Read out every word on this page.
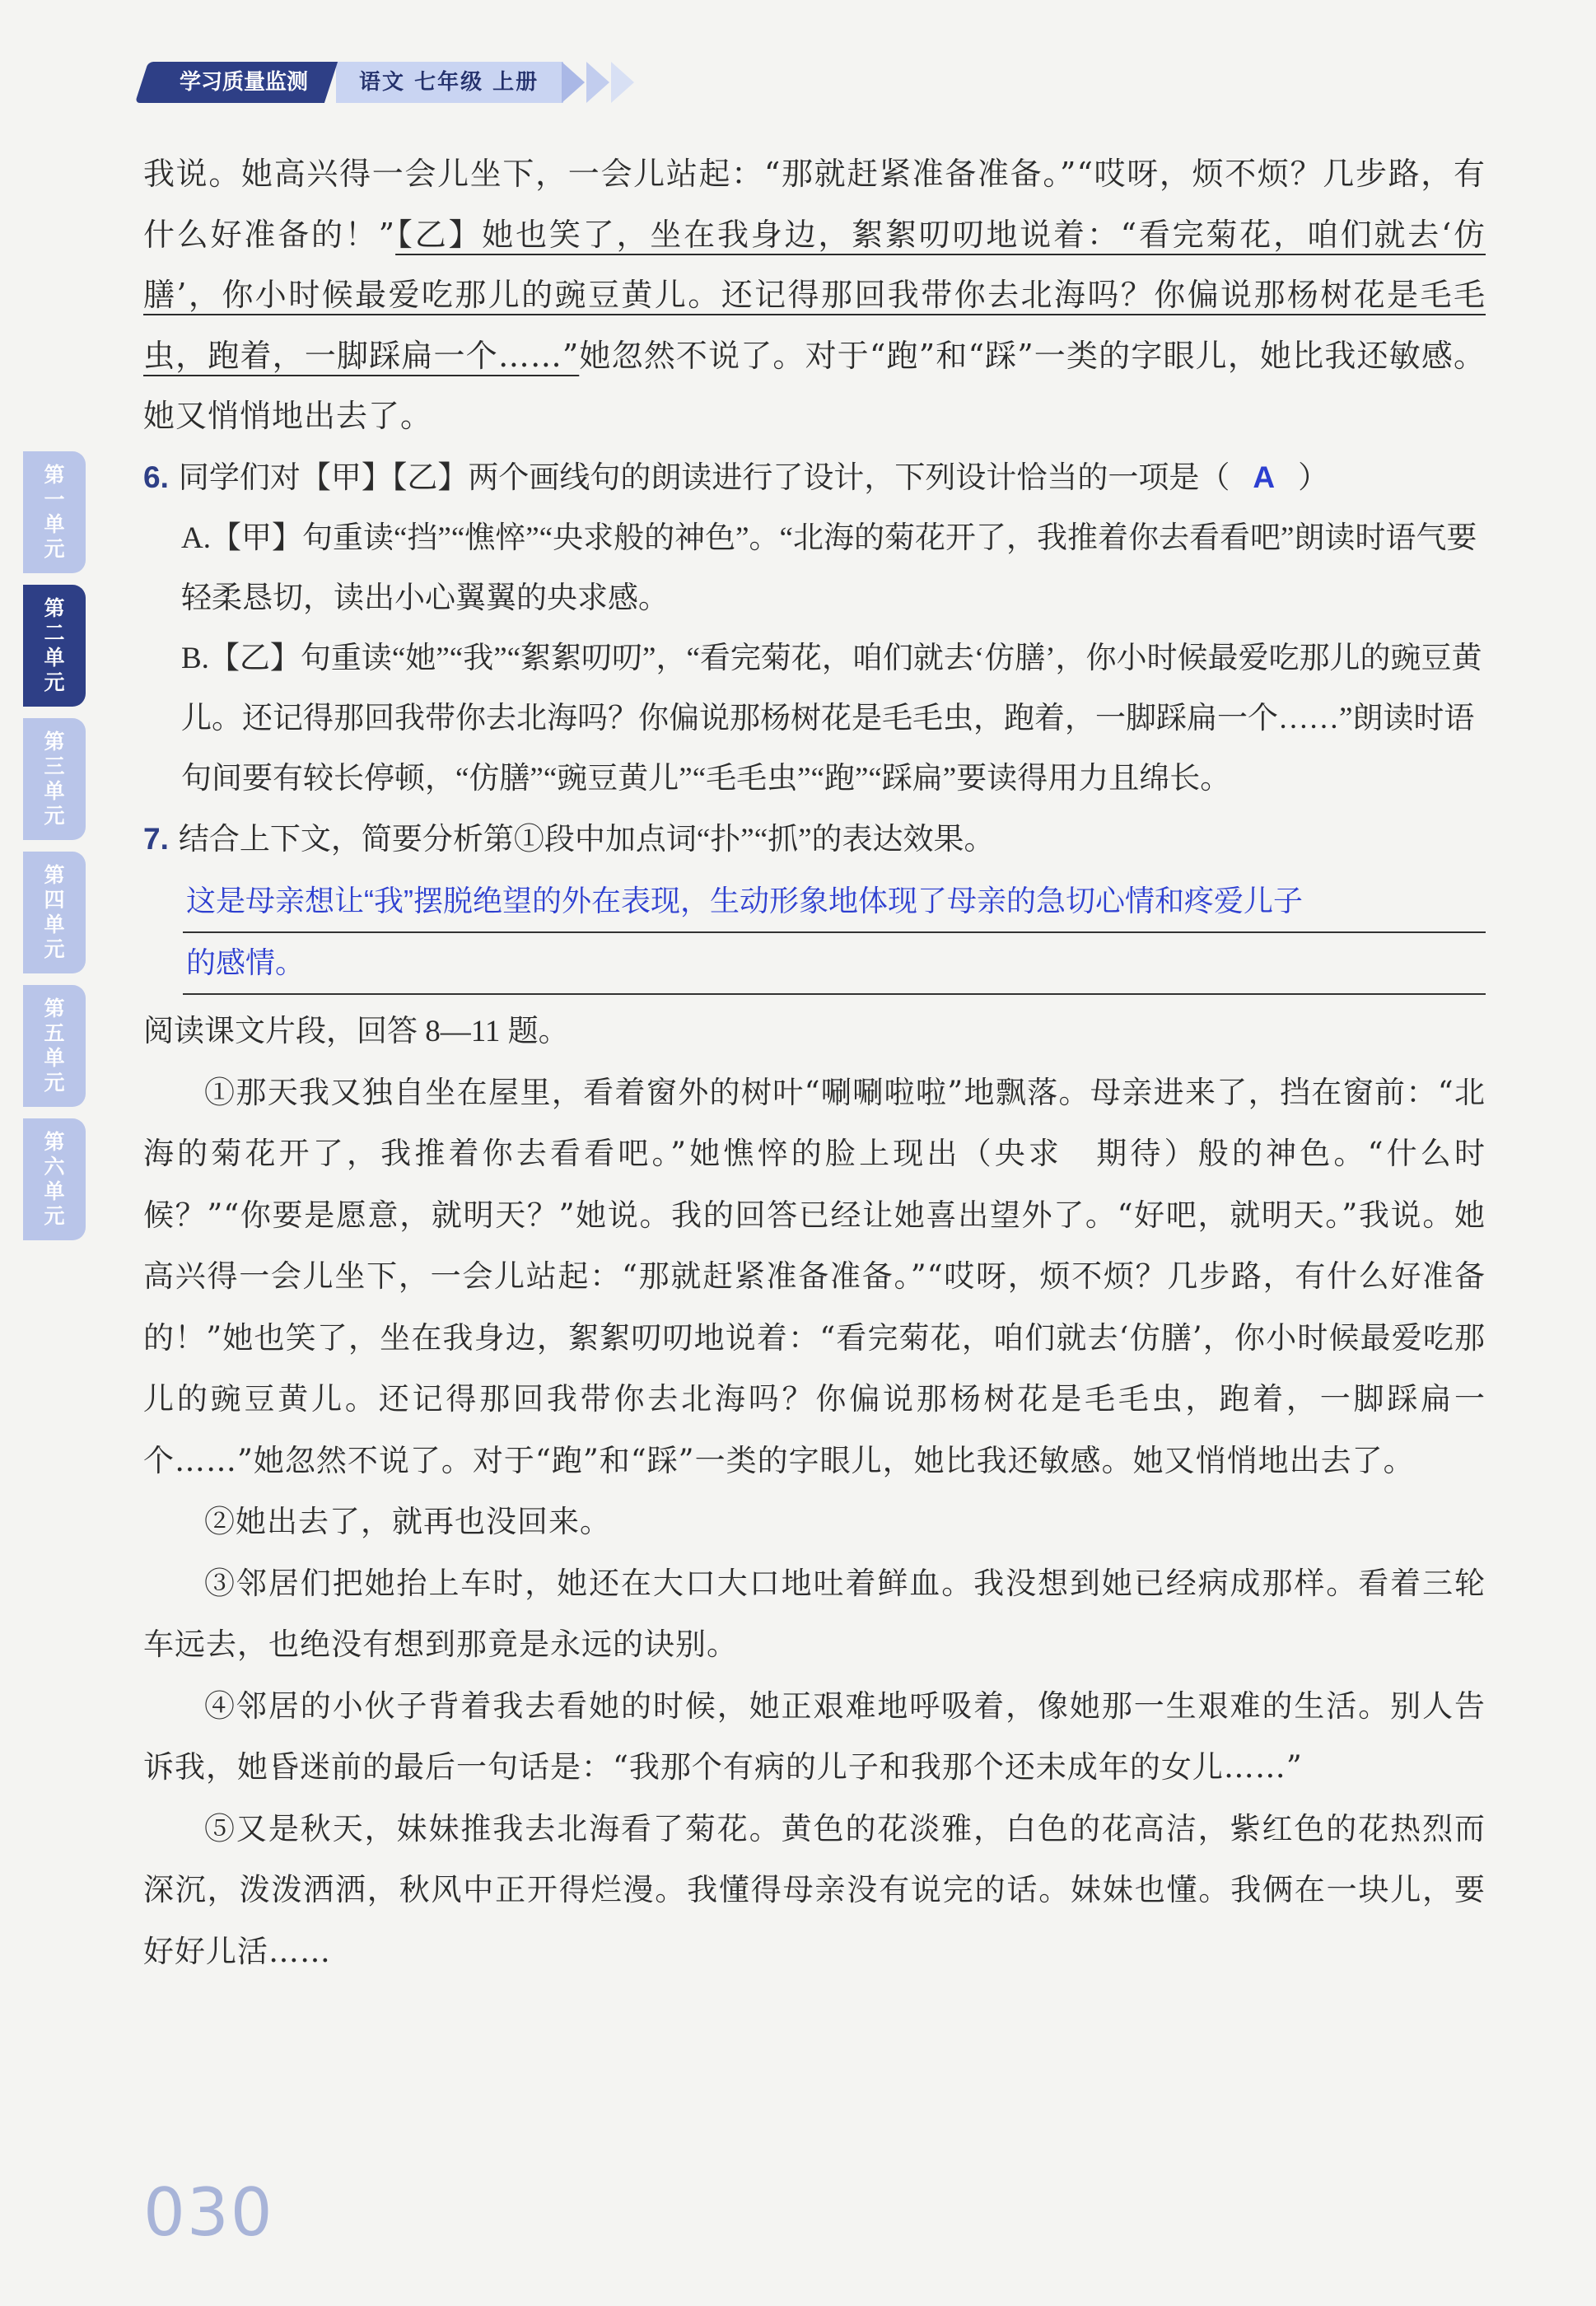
学习质量监测	语文 七年级 上册
第
一
单
元
第
二
单
元
第
三
单
元
第
四
单
元
第
五
单
元
第
六
单
元

我说。她高兴得一会儿坐下，一会儿站起：“那就赶紧准备准备。”“哎呀，烦不烦？几步路，有什么好准备的！”【乙】她也笑了，坐在我身边，絮絮叨叨地说着：“看完菊花，咱们就去‘仿膳’，你小时候最爱吃那儿的豌豆黄儿。还记得那回我带你去北海吗？你偏说那杨树花是毛毛虫，跑着，一脚踩扁一个……”她忽然不说了。对于“跑”和“踩”一类的字眼儿，她比我还敏感。她又悄悄地出去了。

6. 同学们对【甲】【乙】两个画线句的朗读进行了设计，下列设计恰当的一项是（ A ）

A.【甲】句重读“挡”“憔悴”“央求般的神色”。“北海的菊花开了，我推着你去看看吧”朗读时语气要轻柔恳切，读出小心翼翼的央求感。

B.【乙】句重读“她”“我”“絮絮叨叨”，“看完菊花，咱们就去‘仿膳’，你小时候最爱吃那儿的豌豆黄儿。还记得那回我带你去北海吗？你偏说那杨树花是毛毛虫，跑着，一脚踩扁一个……”朗读时语句间要有较长停顿，“仿膳”“豌豆黄儿”“毛毛虫”“跑”“踩扁”要读得用力且绵长。

7. 结合上下文，简要分析第①段中加点词“扑”“抓”的表达效果。

这是母亲想让“我”摆脱绝望的外在表现，生动形象地体现了母亲的急切心情和疼爱儿子
的感情。

阅读课文片段，回答 8—11 题。

①那天我又独自坐在屋里，看着窗外的树叶“唰唰啦啦”地飘落。母亲进来了，挡在窗前：“北海的菊花开了，我推着你去看看吧。”她憔悴的脸上现出（央求　期待）般的神色。“什么时候？”“你要是愿意，就明天？”她说。我的回答已经让她喜出望外了。“好吧，就明天。”我说。她高兴得一会儿坐下，一会儿站起：“那就赶紧准备准备。”“哎呀，烦不烦？几步路，有什么好准备的！”她也笑了，坐在我身边，絮絮叨叨地说着：“看完菊花，咱们就去‘仿膳’，你小时候最爱吃那儿的豌豆黄儿。还记得那回我带你去北海吗？你偏说那杨树花是毛毛虫，跑着，一脚踩扁一个……”她忽然不说了。对于“跑”和“踩”一类的字眼儿，她比我还敏感。她又悄悄地出去了。

②她出去了，就再也没回来。

③邻居们把她抬上车时，她还在大口大口地吐着鲜血。我没想到她已经病成那样。看着三轮车远去，也绝没有想到那竟是永远的诀别。

④邻居的小伙子背着我去看她的时候，她正艰难地呼吸着，像她那一生艰难的生活。别人告诉我，她昏迷前的最后一句话是：“我那个有病的儿子和我那个还未成年的女儿……”

⑤又是秋天，妹妹推我去北海看了菊花。黄色的花淡雅，白色的花高洁，紫红色的花热烈而深沉，泼泼洒洒，秋风中正开得烂漫。我懂得母亲没有说完的话。妹妹也懂。我俩在一块儿，要好好儿活……

030
